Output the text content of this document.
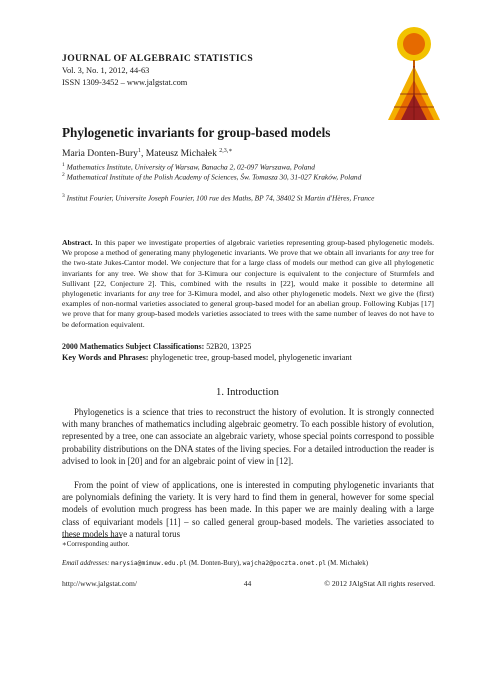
JOURNAL OF ALGEBRAIC STATISTICS
Vol. 3, No. 1, 2012, 44-63
ISSN 1309-3452 – www.jalgstat.com
Phylogenetic invariants for group-based models
Maria Donten-Bury$^1$, Mateusz Michałek $^{2,3,∗}$
$^1$ Mathematics Institute, University of Warsaw, Banacha 2, 02-097 Warszawa, Poland
$^2$ Mathematical Institute of the Polish Academy of Sciences, Św. Tomasza 30, 31-027 Kraków, Poland
$^3$ Institut Fourier, Universite Joseph Fourier, 100 rue des Maths, BP 74, 38402 St Martin d'Hères, France
Abstract. In this paper we investigate properties of algebraic varieties representing group-based phylogenetic models. We propose a method of generating many phylogenetic invariants. We prove that we obtain all invariants for any tree for the two-state Jukes-Cantor model. We conjecture that for a large class of models our method can give all phylogenetic invariants for any tree. We show that for 3-Kimura our conjecture is equivalent to the conjecture of Sturmfels and Sullivant [22, Conjecture 2]. This, combined with the results in [22], would make it possible to determine all phylogenetic invariants for any tree for 3-Kimura model, and also other phylogenetic models. Next we give the (first) examples of non-normal varieties associated to general group-based model for an abelian group. Following Kubjas [17] we prove that for many group-based models varieties associated to trees with the same number of leaves do not have to be deformation equivalent.
2000 Mathematics Subject Classifications: 52B20, 13P25
Key Words and Phrases: phylogenetic tree, group-based model, phylogenetic invariant
1. Introduction
Phylogenetics is a science that tries to reconstruct the history of evolution. It is strongly connected with many branches of mathematics including algebraic geometry. To each possible history of evolution, represented by a tree, one can associate an algebraic variety, whose special points correspond to possible probability distributions on the DNA states of the living species. For a detailed introduction the reader is advised to look in [20] and for an algebraic point of view in [12].
From the point of view of applications, one is interested in computing phylogenetic invariants that are polynomials defining the variety. It is very hard to find them in general, however for some special models of evolution much progress has been made. In this paper we are mainly dealing with a large class of equivariant models [11] – so called general group-based models. The varieties associated to these models have a natural torus
∗Corresponding author.
Email addresses: marysia@mimuw.edu.pl (M. Donten-Bury), wajcha2@poczta.onet.pl (M. Michałek)
http://www.jalgstat.com/	44	© 2012 JAlgStat All rights reserved.
